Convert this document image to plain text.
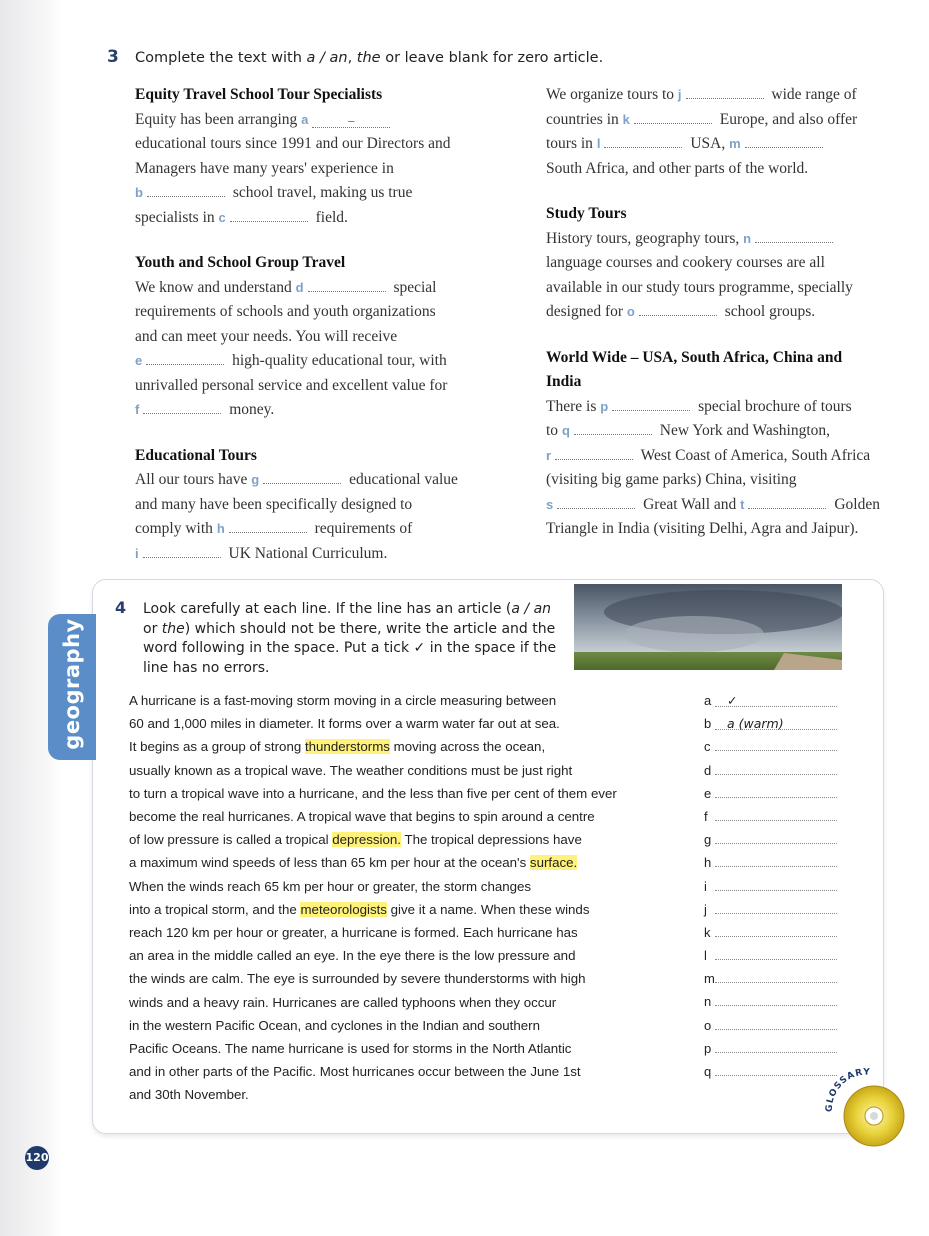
3 Complete the text with a / an, the or leave blank for zero article.
Equity Travel School Tour Specialists
Equity has been arranging a	–
educational tours since 1991 and our Directors and
Managers have many years' experience in
b	school travel, making us true
specialists in c	field.
Youth and School Group Travel
We know and understand d	special
requirements of schools and youth organizations
and can meet your needs. You will receive
e	high-quality educational tour, with
unrivalled personal service and excellent value for
f	money.
Educational Tours
All our tours have g	educational value
and many have been specifically designed to
comply with h	requirements of
i	UK National Curriculum.
We organize tours to j	wide range of
countries in k	Europe, and also offer
tours in l	USA, m
South Africa, and other parts of the world.
Study Tours
History tours, geography tours, n
language courses and cookery courses are all
available in our study tours programme, specially
designed for o	school groups.
World Wide – USA, South Africa, China and India
There is p	special brochure of tours
to q	New York and Washington,
r	West Coast of America, South Africa
(visiting big game parks) China, visiting
s	Great Wall and t	Golden
Triangle in India (visiting Delhi, Agra and Jaipur).
geography
4 Look carefully at each line. If the line has an article (a / an
or the) which should not be there, write the article and the
word following in the space. Put a tick ✓ in the space if the
line has no errors.
A hurricane is a fast-moving storm moving in a circle measuring between
60 and 1,000 miles in diameter. It forms over a warm water far out at sea.
It begins as a group of strong thunderstorms moving across the ocean,
usually known as a tropical wave. The weather conditions must be just right
to turn a tropical wave into a hurricane, and the less than five per cent of them ever
become the real hurricanes. A tropical wave that begins to spin around a centre
of low pressure is called a tropical depression. The tropical depressions have
a maximum wind speeds of less than 65 km per hour at the ocean's surface.
When the winds reach 65 km per hour or greater, the storm changes
into a tropical storm, and the meteorologists give it a name. When these winds
reach 120 km per hour or greater, a hurricane is formed. Each hurricane has
an area in the middle called an eye. In the eye there is the low pressure and
the winds are calm. The eye is surrounded by severe thunderstorms with high
winds and a heavy rain. Hurricanes are called typhoons when they occur
in the western Pacific Ocean, and cyclones in the Indian and southern
Pacific Oceans. The name hurricane is used for storms in the North Atlantic
and in other parts of the Pacific. Most hurricanes occur between the June 1st
and 30th November.
a ✓
b a (warm)
c
d
e
f
g
h
i
j
k
l
m
n
o
p
q
GLOSSARY
120
